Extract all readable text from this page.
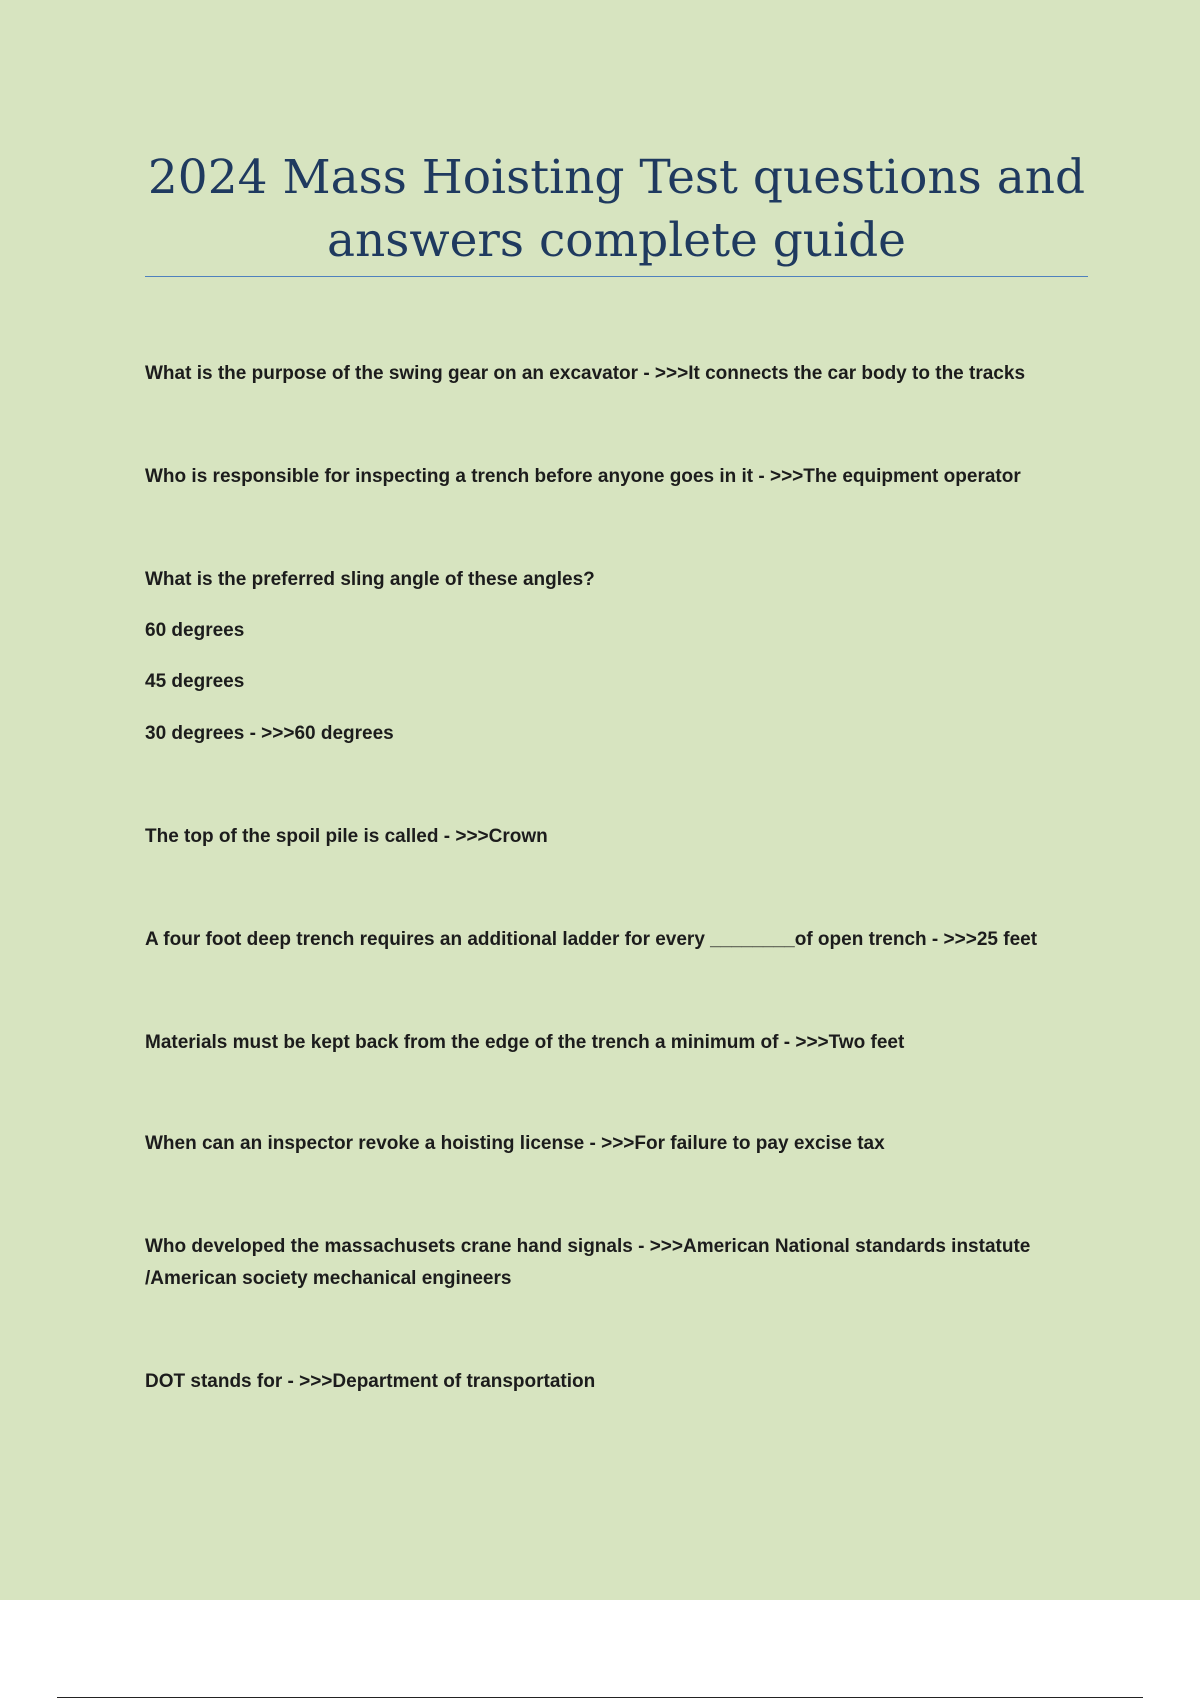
2024 Mass Hoisting Test questions and answers complete guide

What is the purpose of the swing gear on an excavator - >>>It connects the car body to the tracks

Who is responsible for inspecting a trench before anyone goes in it - >>>The equipment operator

What is the preferred sling angle of these angles?

60 degrees

45 degrees

30 degrees - >>>60 degrees

The top of the spoil pile is called - >>>Crown

A four foot deep trench requires an additional ladder for every ________of open trench - >>>25 feet

Materials must be kept back from the edge of the trench a minimum of - >>>Two feet

When can an inspector revoke a hoisting license - >>>For failure to pay excise tax

Who developed the massachusets crane hand signals - >>>American National standards instatute
/American society mechanical engineers

DOT stands for - >>>Department of transportation
